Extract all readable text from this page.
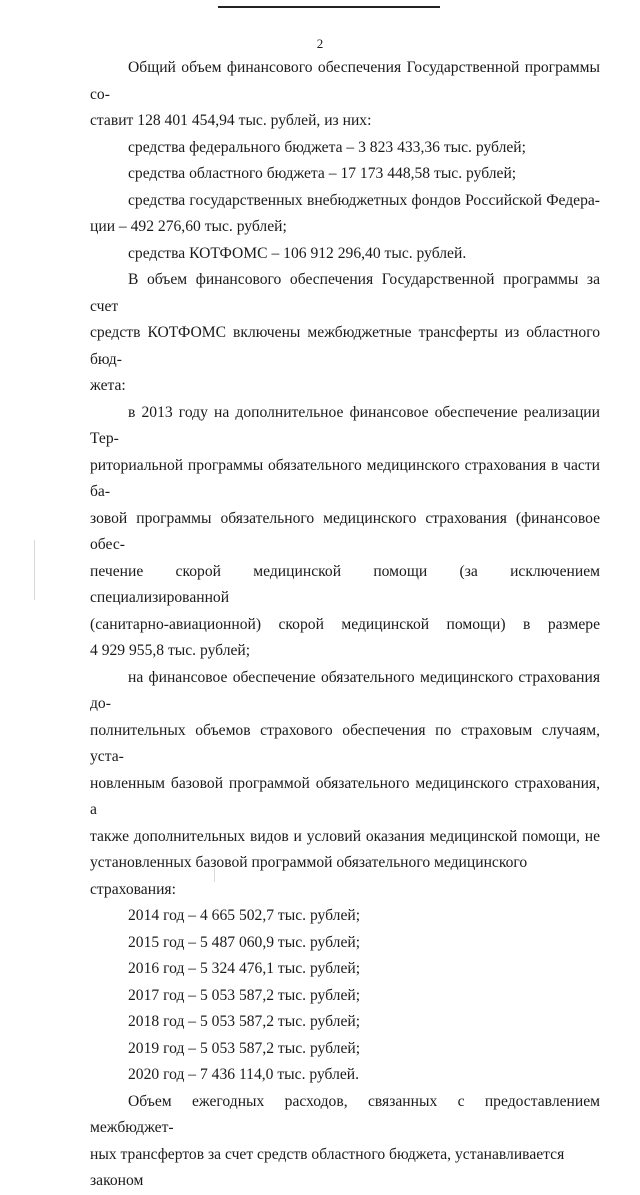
2

Общий объем финансового обеспечения Государственной программы со-
ставит 128 401 454,94 тыс. рублей, из них:

средства федерального бюджета – 3 823 433,36 тыс. рублей;

средства областного бюджета – 17 173 448,58 тыс. рублей;

средства государственных внебюджетных фондов Российской Федера-
ции – 492 276,60 тыс. рублей;

средства КОТФОМС – 106 912 296,40 тыс. рублей.

В объем финансового обеспечения Государственной программы за счет
средств КОТФОМС включены межбюджетные трансферты из областного бюд-
жета:

в 2013 году на дополнительное финансовое обеспечение реализации Тер-
риториальной программы обязательного медицинского страхования в части ба-
зовой программы обязательного медицинского страхования (финансовое обес-
печение скорой медицинской помощи (за исключением специализированной
(санитарно-авиационной) скорой медицинской помощи) в размере
4 929 955,8 тыс. рублей;

на финансовое обеспечение обязательного медицинского страхования до-
полнительных объемов страхового обеспечения по страховым случаям, уста-
новленным базовой программой обязательного медицинского страхования, а
также дополнительных видов и условий оказания медицинской помощи, не
установленных базовой программой обязательного медицинского страхования:

2014 год – 4 665 502,7 тыс. рублей;

2015 год – 5 487 060,9 тыс. рублей;

2016 год – 5 324 476,1 тыс. рублей;

2017 год – 5 053 587,2 тыс. рублей;

2018 год – 5 053 587,2 тыс. рублей;

2019 год – 5 053 587,2 тыс. рублей;

2020 год – 7 436 114,0 тыс. рублей.

Объем ежегодных расходов, связанных с предоставлением межбюджет-
ных трансфертов за счет средств областного бюджета, устанавливается законом
